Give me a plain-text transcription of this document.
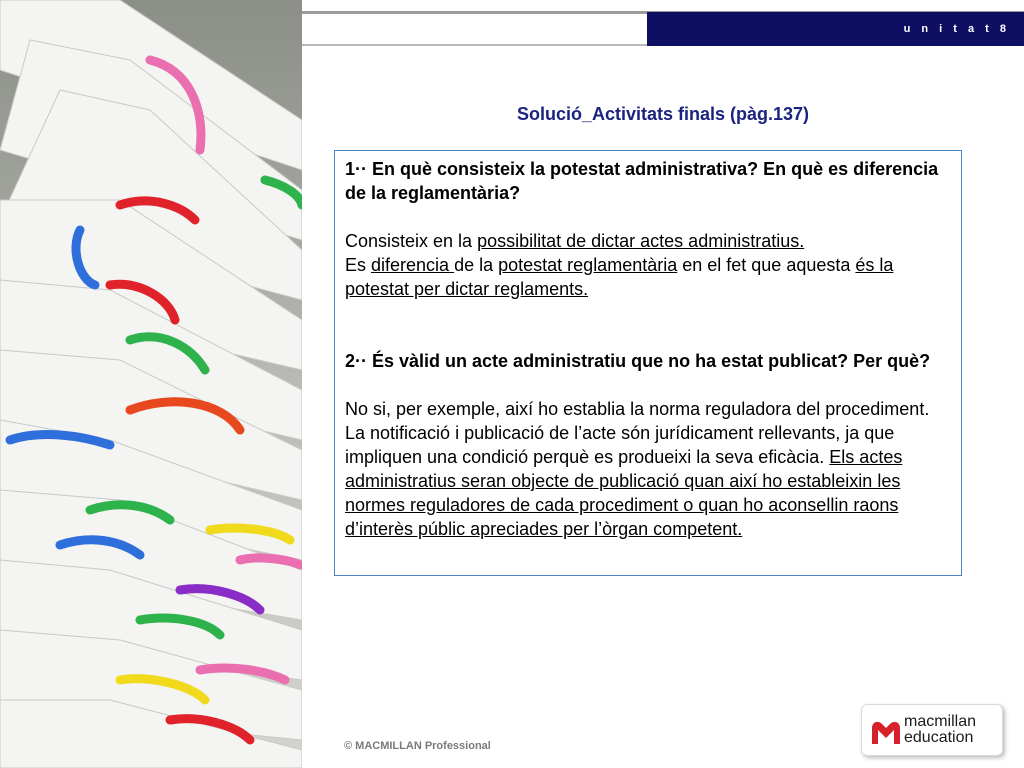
u n i t a t 8
Solució_Activitats finals (pàg.137)

1·· En què consisteix la potestat administrativa? En què es diferencia de la reglamentària?

Consisteix en la possibilitat de dictar actes administratius.

Es diferencia de la potestat reglamentària en el fet que aquesta és la potestat per dictar reglaments.

2·· És vàlid un acte administratiu que no ha estat publicat? Per què?

No si, per exemple, així ho establia la norma reguladora del procediment.

La notificació i publicació de l’acte són jurídicament rellevants, ja que impliquen una condició perquè es produeixi la seva eficàcia. Els actes administratius seran objecte de publicació quan així ho estableixin les normes reguladores de cada procediment o quan ho aconsellin raons d’interès públic apreciades per l’òrgan competent.

© MACMILLAN Professional
macmillan
education
